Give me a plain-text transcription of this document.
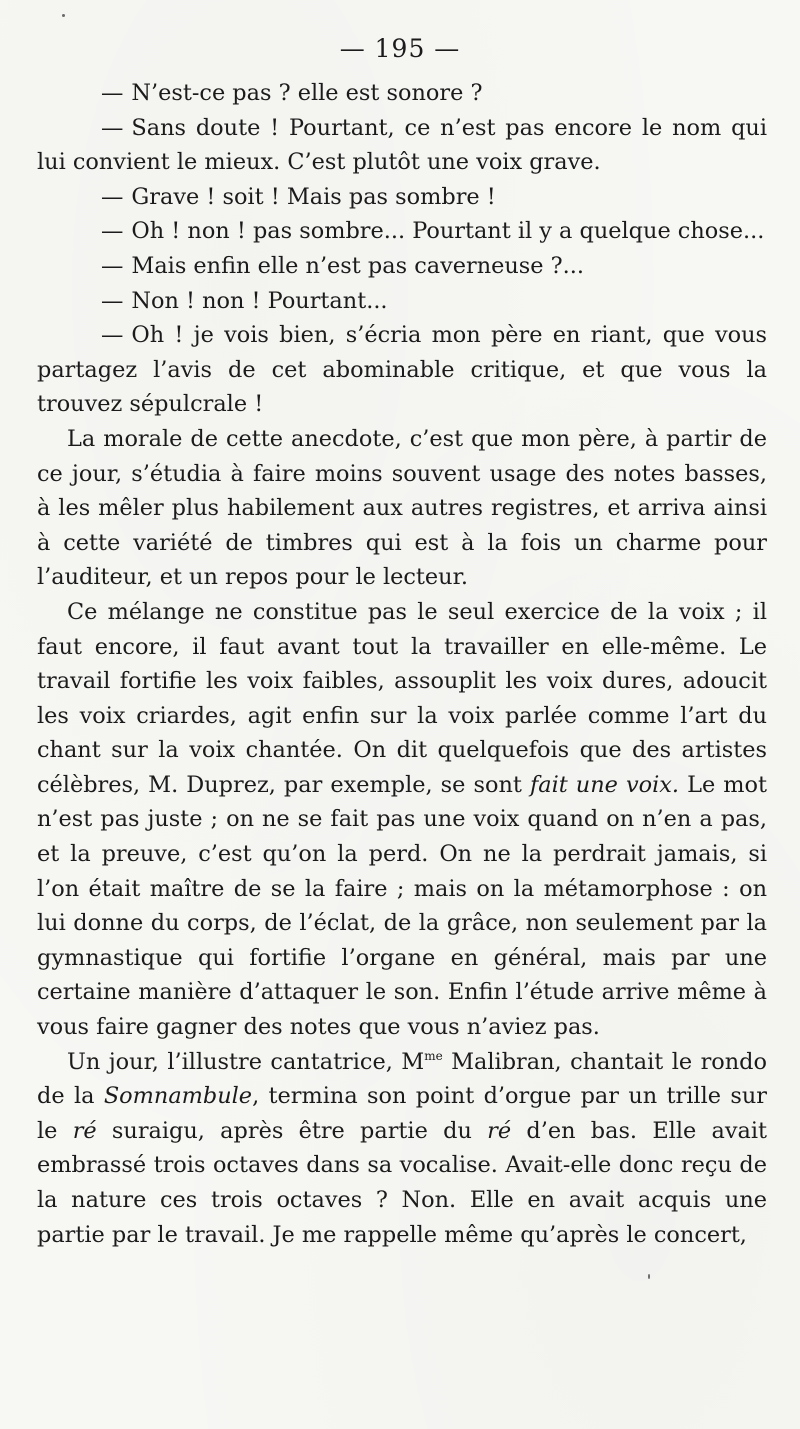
— 195 —

— N’est-ce pas ? elle est sonore ?

— Sans doute ! Pourtant, ce n’est pas encore le nom qui lui convient le mieux. C’est plutôt une voix grave.

— Grave ! soit ! Mais pas sombre !

— Oh ! non ! pas sombre... Pourtant il y a quelque chose...

— Mais enfin elle n’est pas caverneuse ?...

— Non ! non ! Pourtant...

— Oh ! je vois bien, s’écria mon père en riant, que vous partagez l’avis de cet abominable critique, et que vous la trouvez sépulcrale !

La morale de cette anecdote, c’est que mon père, à partir de ce jour, s’étudia à faire moins souvent usage des notes basses, à les mêler plus habilement aux autres registres, et arriva ainsi à cette variété de timbres qui est à la fois un charme pour l’auditeur, et un repos pour le lecteur.

Ce mélange ne constitue pas le seul exercice de la voix ; il faut encore, il faut avant tout la travailler en elle-même. Le travail fortifie les voix faibles, assouplit les voix dures, adoucit les voix criardes, agit enfin sur la voix parlée comme l’art du chant sur la voix chantée. On dit quelquefois que des artistes célèbres, M. Duprez, par exemple, se sont fait une voix. Le mot n’est pas juste ; on ne se fait pas une voix quand on n’en a pas, et la preuve, c’est qu’on la perd. On ne la perdrait jamais, si l’on était maître de se la faire ; mais on la métamorphose : on lui donne du corps, de l’éclat, de la grâce, non seulement par la gymnastique qui fortifie l’organe en général, mais par une certaine manière d’attaquer le son. Enfin l’étude arrive même à vous faire gagner des notes que vous n’aviez pas.

Un jour, l’illustre cantatrice, $M^{me}$ Malibran, chantait le rondo de la Somnambule, termina son point d’orgue par un trille sur le ré suraigu, après être partie du ré d’en bas. Elle avait embrassé trois octaves dans sa vocalise. Avait-elle donc reçu de la nature ces trois octaves ? Non. Elle en avait acquis une partie par le travail. Je me rappelle même qu’après le concert,
